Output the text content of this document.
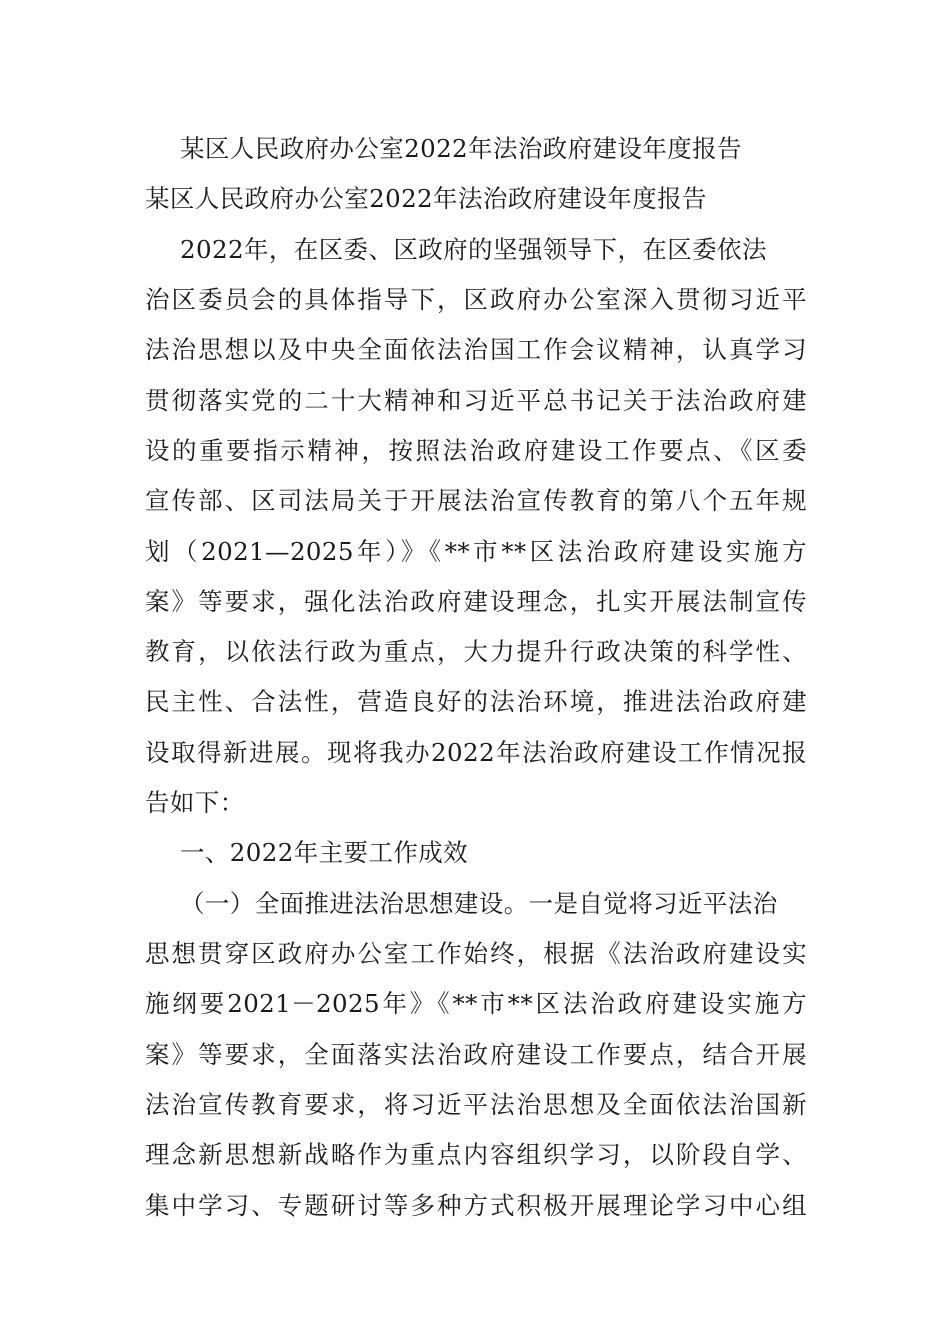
某区人民政府办公室2022年法治政府建设年度报告
某区人民政府办公室2022年法治政府建设年度报告
2022年，在区委、区政府的坚强领导下，在区委依法
治区委员会的具体指导下，区政府办公室深入贯彻习近平
法治思想以及中央全面依法治国工作会议精神，认真学习
贯彻落实党的二十大精神和习近平总书记关于法治政府建
设的重要指示精神，按照法治政府建设工作要点、《区委
宣传部、区司法局关于开展法治宣传教育的第八个五年规
划（2021—2025年）》《**市**区法治政府建设实施方
案》等要求，强化法治政府建设理念，扎实开展法制宣传
教育，以依法行政为重点，大力提升行政决策的科学性、
民主性、合法性，营造良好的法治环境，推进法治政府建
设取得新进展。现将我办2022年法治政府建设工作情况报
告如下：
一、2022年主要工作成效
（一）全面推进法治思想建设。一是自觉将习近平法治
思想贯穿区政府办公室工作始终，根据《法治政府建设实
施纲要2021－2025年》《**市**区法治政府建设实施方
案》等要求，全面落实法治政府建设工作要点，结合开展
法治宣传教育要求，将习近平法治思想及全面依法治国新
理念新思想新战略作为重点内容组织学习，以阶段自学、
集中学习、专题研讨等多种方式积极开展理论学习中心组
